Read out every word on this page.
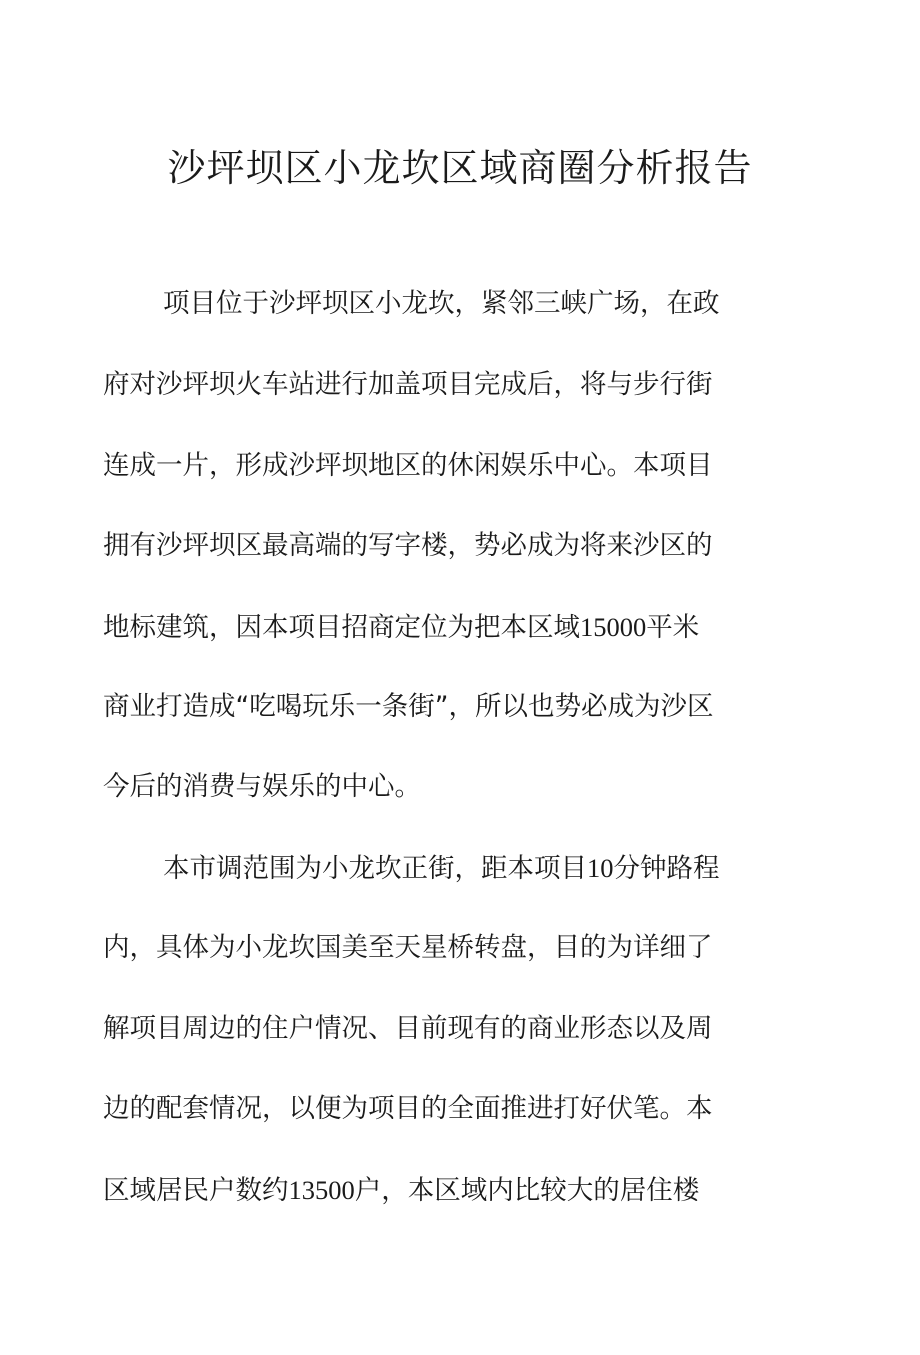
沙坪坝区小龙坎区域商圈分析报告

项目位于沙坪坝区小龙坎，紧邻三峡广场，在政

府对沙坪坝火车站进行加盖项目完成后，将与步行街

连成一片，形成沙坪坝地区的休闲娱乐中心。本项目

拥有沙坪坝区最高端的写字楼，势必成为将来沙区的

地标建筑，因本项目招商定位为把本区域15000平米

商业打造成“吃喝玩乐一条街”，所以也势必成为沙区

今后的消费与娱乐的中心。

本市调范围为小龙坎正街，距本项目10分钟路程

内，具体为小龙坎国美至天星桥转盘，目的为详细了

解项目周边的住户情况、目前现有的商业形态以及周

边的配套情况，以便为项目的全面推进打好伏笔。本

区域居民户数约13500户，本区域内比较大的居住楼
